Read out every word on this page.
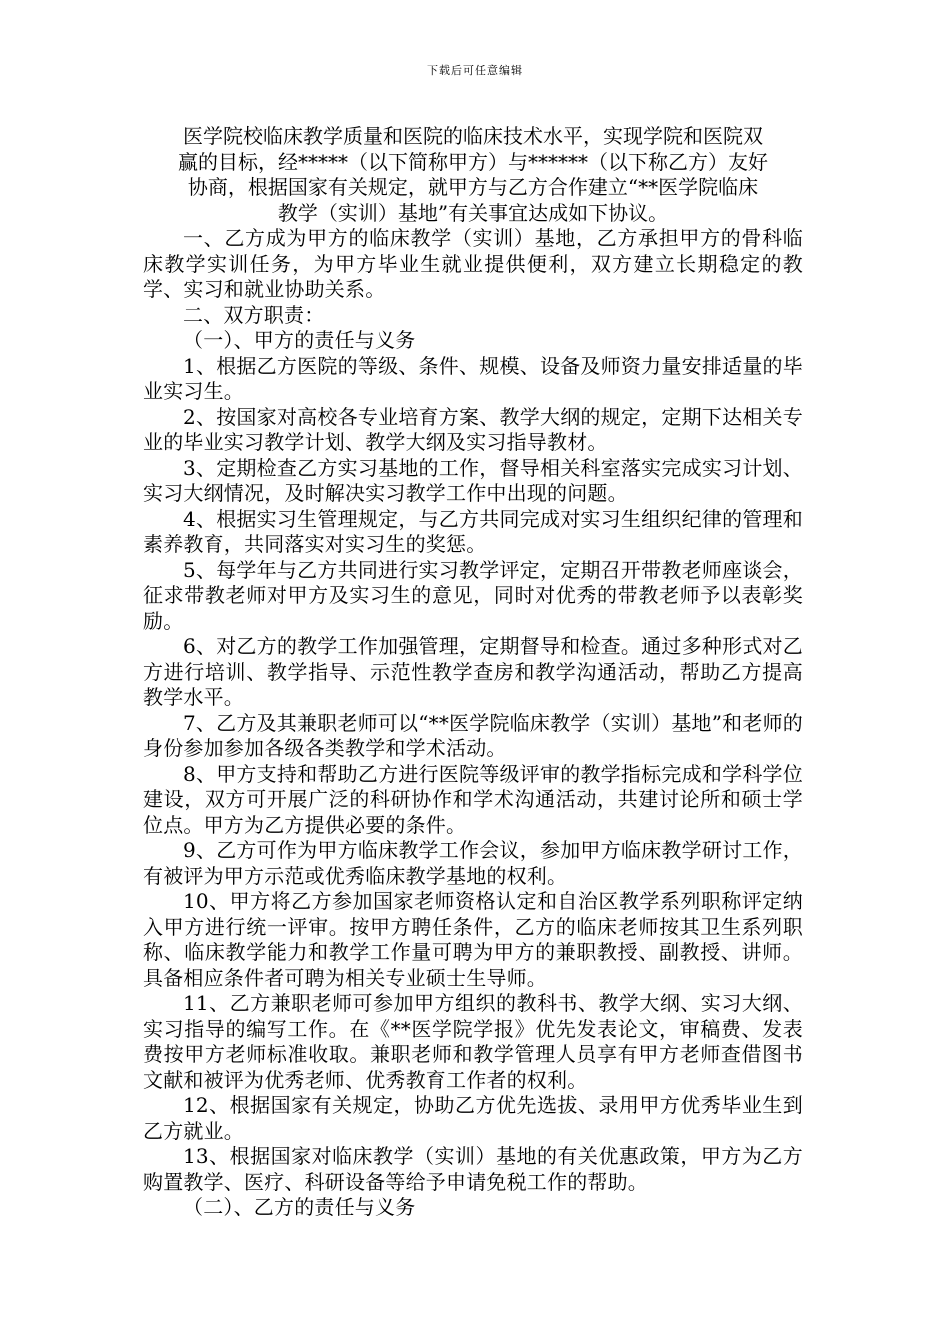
下载后可任意编辑

医学院校临床教学质量和医院的临床技术水平，实现学院和医院双
赢的目标，经*****（以下简称甲方）与******（以下称乙方）友好
协商，根据国家有关规定，就甲方与乙方合作建立“**医学院临床
教学（实训）基地”有关事宜达成如下协议。

一、乙方成为甲方的临床教学（实训）基地，乙方承担甲方的骨科临床教学实训任务，为甲方毕业生就业提供便利，双方建立长期稳定的教学、实习和就业协助关系。

二、双方职责：

（一）、甲方的责任与义务

1、根据乙方医院的等级、条件、规模、设备及师资力量安排适量的毕业实习生。

2、按国家对高校各专业培育方案、教学大纲的规定，定期下达相关专业的毕业实习教学计划、教学大纲及实习指导教材。

3、定期检查乙方实习基地的工作，督导相关科室落实完成实习计划、实习大纲情况，及时解决实习教学工作中出现的问题。

4、根据实习生管理规定，与乙方共同完成对实习生组织纪律的管理和素养教育，共同落实对实习生的奖惩。

5、每学年与乙方共同进行实习教学评定，定期召开带教老师座谈会，征求带教老师对甲方及实习生的意见，同时对优秀的带教老师予以表彰奖励。

6、对乙方的教学工作加强管理，定期督导和检查。通过多种形式对乙方进行培训、教学指导、示范性教学查房和教学沟通活动，帮助乙方提高教学水平。

7、乙方及其兼职老师可以“**医学院临床教学（实训）基地”和老师的身份参加参加各级各类教学和学术活动。

8、甲方支持和帮助乙方进行医院等级评审的教学指标完成和学科学位建设，双方可开展广泛的科研协作和学术沟通活动，共建讨论所和硕士学位点。甲方为乙方提供必要的条件。

9、乙方可作为甲方临床教学工作会议，参加甲方临床教学研讨工作，有被评为甲方示范或优秀临床教学基地的权利。

10、甲方将乙方参加国家老师资格认定和自治区教学系列职称评定纳入甲方进行统一评审。按甲方聘任条件，乙方的临床老师按其卫生系列职称、临床教学能力和教学工作量可聘为甲方的兼职教授、副教授、讲师。具备相应条件者可聘为相关专业硕士生导师。

11、乙方兼职老师可参加甲方组织的教科书、教学大纲、实习大纲、实习指导的编写工作。在《**医学院学报》优先发表论文，审稿费、发表费按甲方老师标准收取。兼职老师和教学管理人员享有甲方老师查借图书文献和被评为优秀老师、优秀教育工作者的权利。

12、根据国家有关规定，协助乙方优先选拔、录用甲方优秀毕业生到乙方就业。

13、根据国家对临床教学（实训）基地的有关优惠政策，甲方为乙方购置教学、医疗、科研设备等给予申请免税工作的帮助。

（二）、乙方的责任与义务
